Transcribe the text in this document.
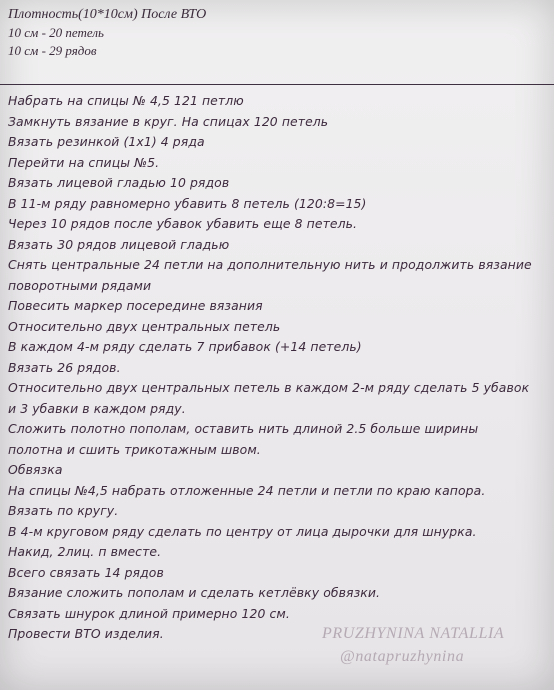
Плотность(10*10см) После ВТО
10 см - 20 петель
10 см - 29 рядов
Набрать на спицы № 4,5 121 петлю
Замкнуть вязание в круг. На спицах 120 петель
Вязать резинкой (1х1) 4 ряда
Перейти на спицы №5.
Вязать лицевой гладью 10 рядов
В 11-м ряду равномерно убавить 8 петель (120:8=15)
Через 10 рядов после убавок убавить еще 8 петель.
Вязать 30 рядов лицевой гладью
Снять центральные 24 петли на дополнительную нить и продолжить вязание
поворотными рядами
Повесить маркер посередине вязания
Относительно двух центральных петель
В каждом 4-м ряду сделать 7 прибавок (+14 петель)
Вязать 26 рядов.
Относительно двух центральных петель в каждом 2-м ряду сделать 5 убавок
и 3 убавки в каждом ряду.
Сложить полотно пополам, оставить нить длиной 2.5 больше ширины
полотна и сшить трикотажным швом.
Обвязка
На спицы №4,5 набрать отложенные 24 петли и петли по краю капора.
Вязать по кругу.
В 4-м круговом ряду сделать по центру от лица дырочки для шнурка.
Накид, 2лиц. п вместе.
Всего связать 14 рядов
Вязание сложить пополам и сделать кетлёвку обвязки.
Связать шнурок длиной примерно 120 см.
Провести ВТО изделия.	PRUZHYNINA NATALLIA
@natapruzhynina
